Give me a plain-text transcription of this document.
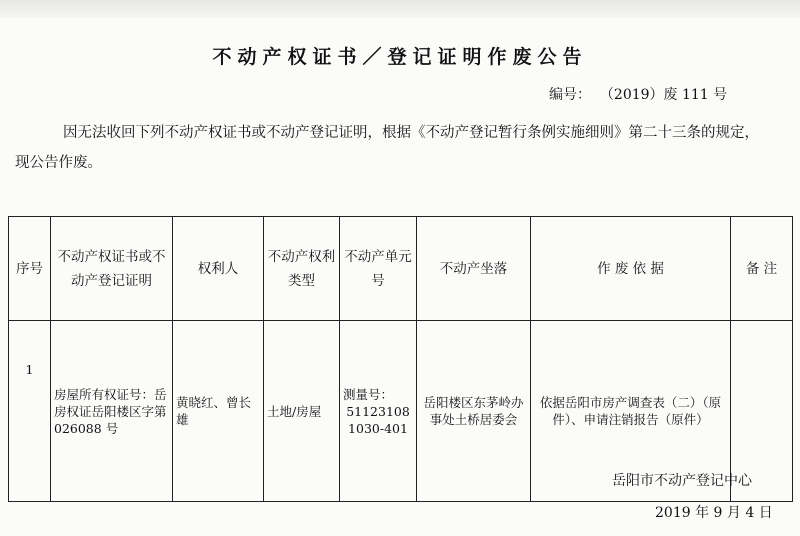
不动产权证书／登记证明作废公告
编号： （2019）废 111 号
因无法收回下列不动产权证书或不动产登记证明，根据《不动产登记暂行条例实施细则》第二十三条的规定，现公告作废。
序号	不动产权证书或不动产登记证明	权利人	不动产权利类型	不动产单元号	不动产坐落	作 废 依 据	备 注
1	房屋所有权证号：岳房权证岳阳楼区字第 026088 号	黄晓红、曾长雄	土地/房屋	测量号：
51123108
1030-401	岳阳楼区东茅岭办事处土桥居委会	依据岳阳市房产调查表（二）（原件）、申请注销报告（原件）	
岳阳市不动产登记中心
2019 年 9 月 4 日
